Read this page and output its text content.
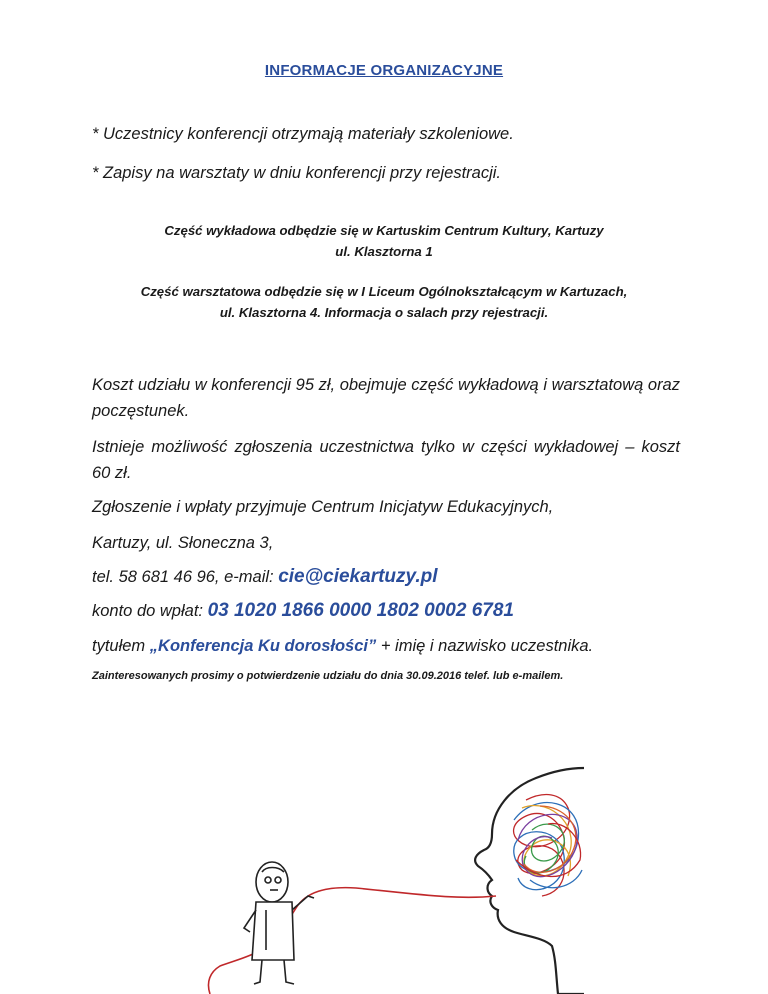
INFORMACJE ORGANIZACYJNE
* Uczestnicy konferencji otrzymają materiały szkoleniowe.
* Zapisy na warsztaty w dniu konferencji przy rejestracji.
Część wykładowa odbędzie się w Kartuskim Centrum Kultury, Kartuzy
ul. Klasztorna 1
Część warsztatowa odbędzie się w I Liceum Ogólnokształcącym w Kartuzach,
ul. Klasztorna 4. Informacja o salach przy rejestracji.
Koszt udziału w konferencji 95 zł, obejmuje część wykładową i warsztatową oraz poczęstunek.
Istnieje możliwość zgłoszenia uczestnictwa tylko w części wykładowej – koszt 60 zł.
Zgłoszenie i wpłaty przyjmuje Centrum Inicjatyw Edukacyjnych,
Kartuzy, ul. Słoneczna 3,
tel. 58 681 46 96, e-mail: cie@ciekartuzy.pl
konto do wpłat: 03 1020 1866 0000 1802 0002 6781
tytułem „Konferencja Ku dorosłości” + imię i nazwisko uczestnika.
Zainteresowanych prosimy o potwierdzenie udziału do dnia 30.09.2016 telef. lub e-mailem.
